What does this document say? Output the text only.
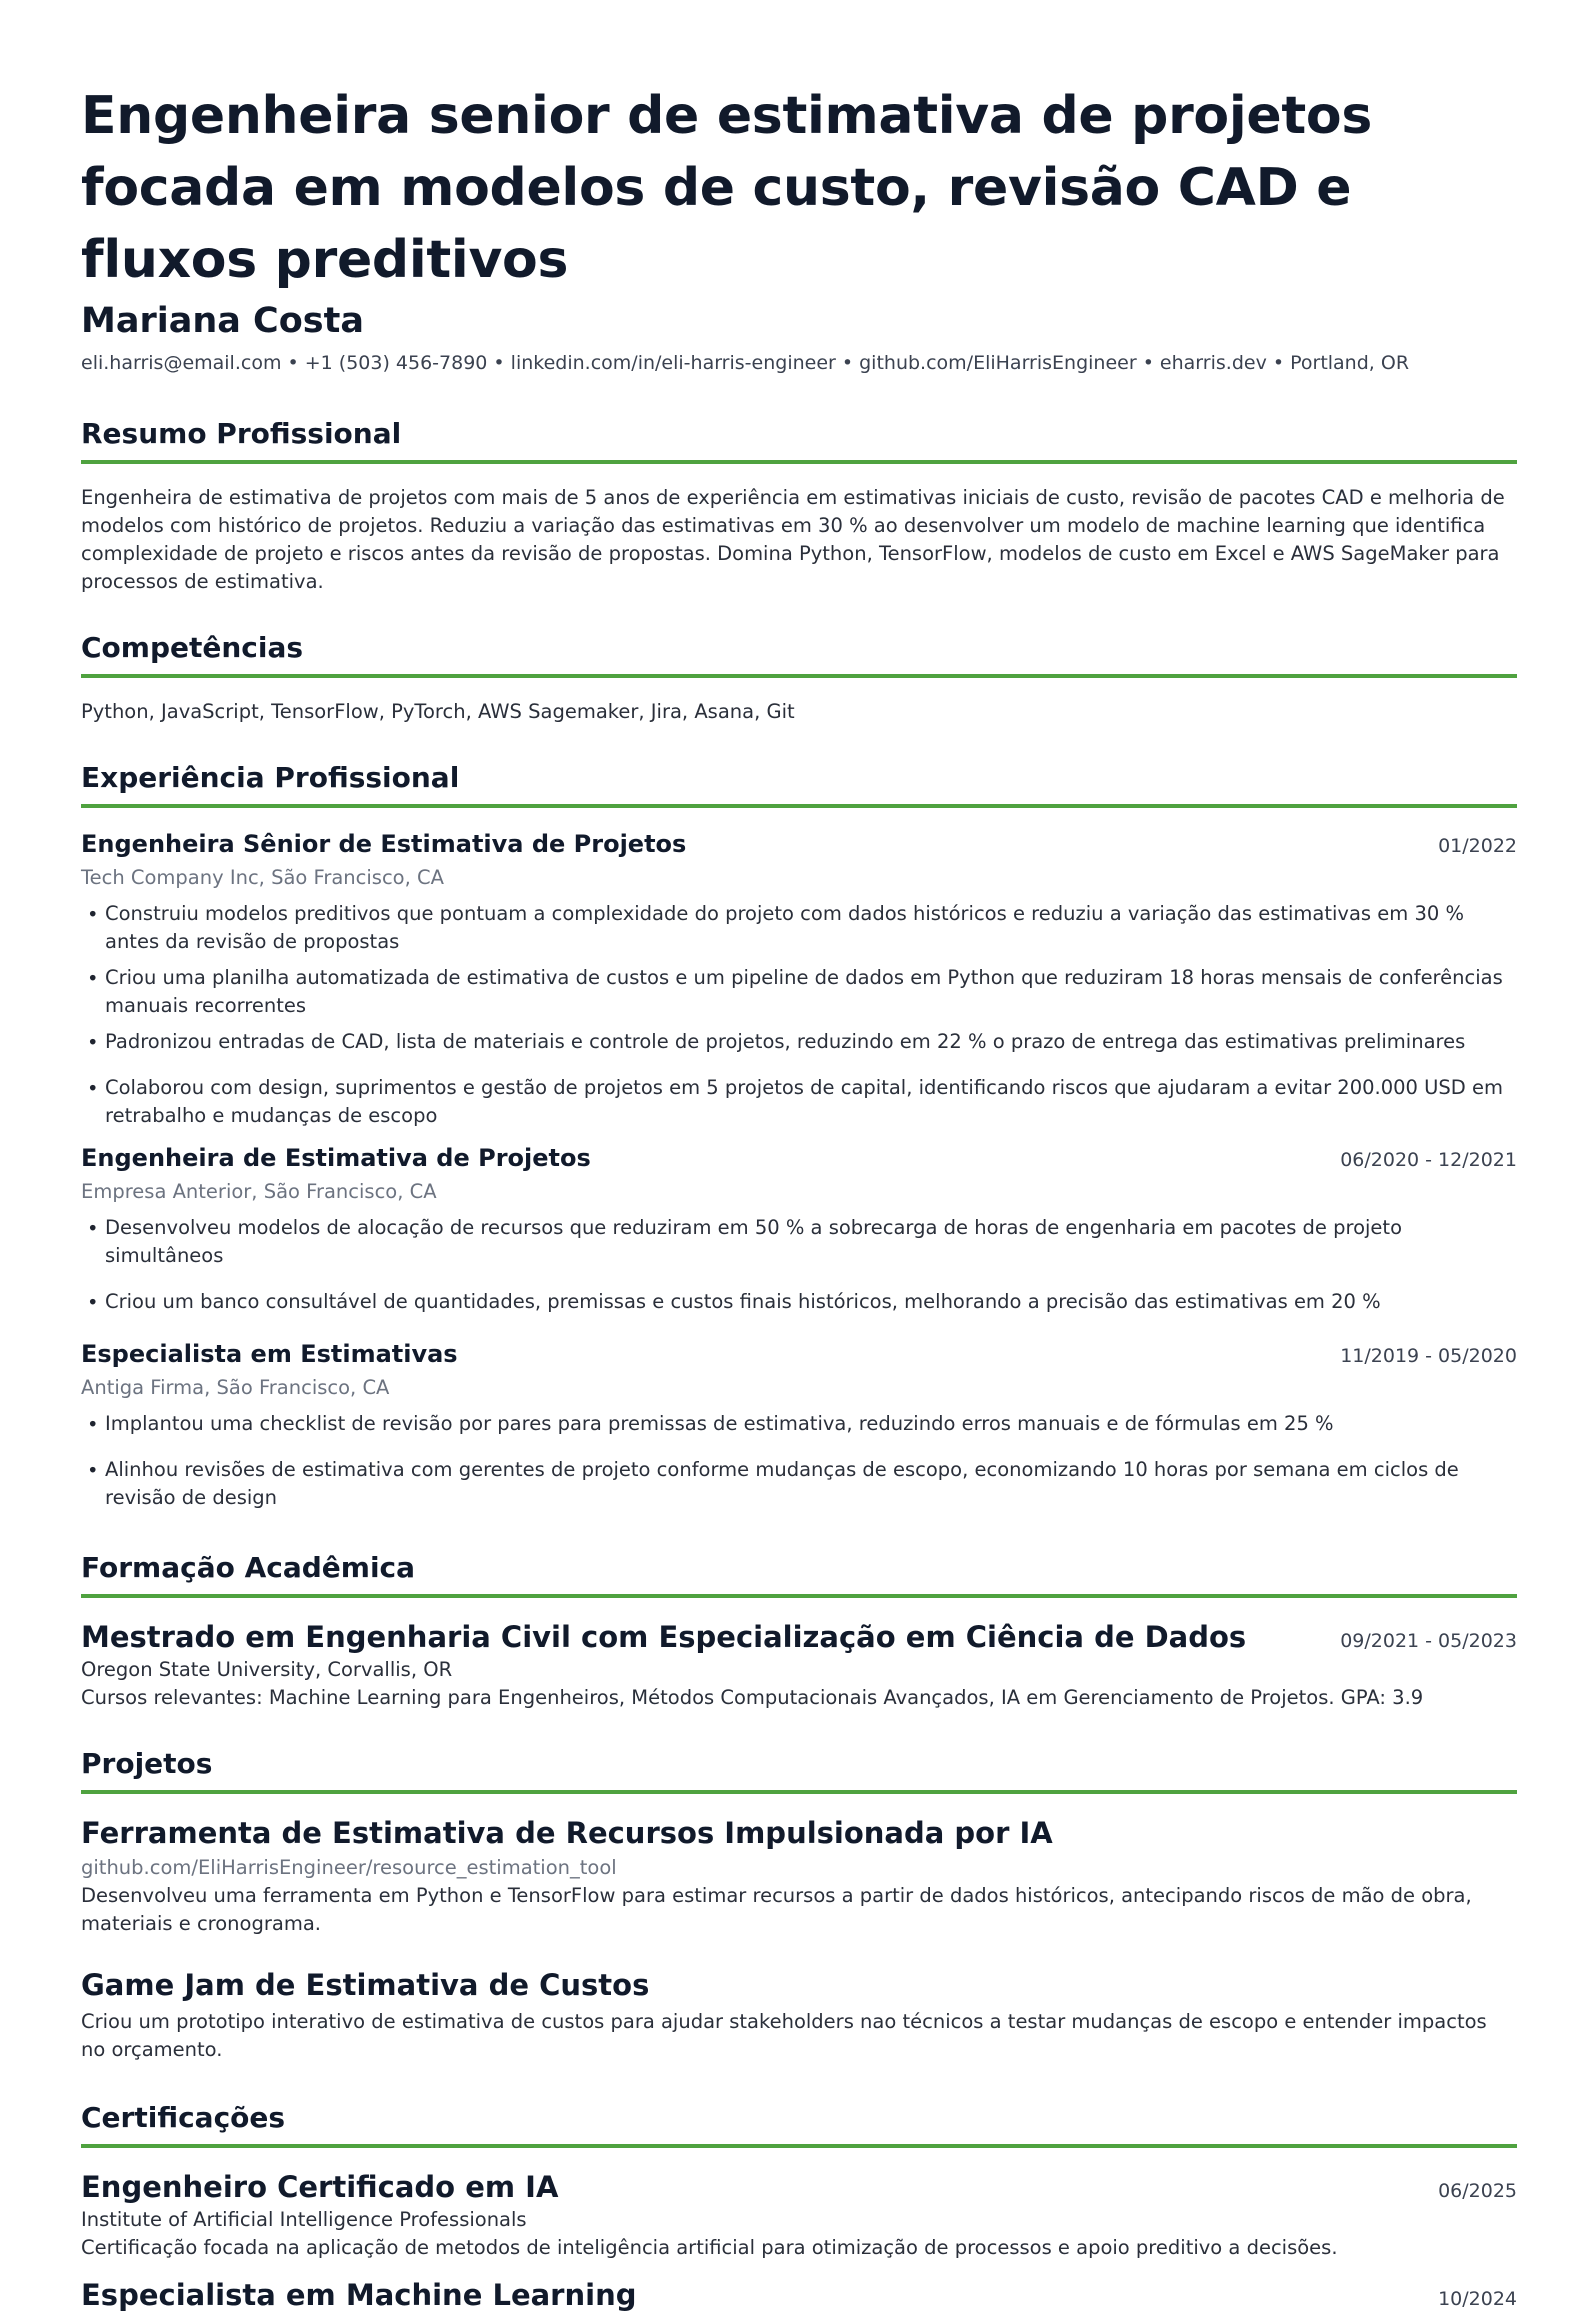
Engenheira senior de estimativa de projetos focada em modelos de custo, revisão CAD e fluxos preditivos
Mariana Costa
eli.harris@email.com • +1 (503) 456-7890 • linkedin.com/in/eli-harris-engineer • github.com/EliHarrisEngineer • eharris.dev • Portland, OR
Resumo Profissional
Engenheira de estimativa de projetos com mais de 5 anos de experiência em estimativas iniciais de custo, revisão de pacotes CAD e melhoria de modelos com histórico de projetos. Reduziu a variação das estimativas em 30 % ao desenvolver um modelo de machine learning que identifica complexidade de projeto e riscos antes da revisão de propostas. Domina Python, TensorFlow, modelos de custo em Excel e AWS SageMaker para processos de estimativa.
Competências
Python, JavaScript, TensorFlow, PyTorch, AWS Sagemaker, Jira, Asana, Git
Experiência Profissional
Engenheira Sênior de Estimativa de Projetos	01/2022
Tech Company Inc, São Francisco, CA
• Construiu modelos preditivos que pontuam a complexidade do projeto com dados históricos e reduziu a variação das estimativas em 30 % antes da revisão de propostas
• Criou uma planilha automatizada de estimativa de custos e um pipeline de dados em Python que reduziram 18 horas mensais de conferências manuais recorrentes
• Padronizou entradas de CAD, lista de materiais e controle de projetos, reduzindo em 22 % o prazo de entrega das estimativas preliminares
• Colaborou com design, suprimentos e gestão de projetos em 5 projetos de capital, identificando riscos que ajudaram a evitar 200.000 USD em retrabalho e mudanças de escopo
Engenheira de Estimativa de Projetos	06/2020 - 12/2021
Empresa Anterior, São Francisco, CA
• Desenvolveu modelos de alocação de recursos que reduziram em 50 % a sobrecarga de horas de engenharia em pacotes de projeto simultâneos
• Criou um banco consultável de quantidades, premissas e custos finais históricos, melhorando a precisão das estimativas em 20 %
Especialista em Estimativas	11/2019 - 05/2020
Antiga Firma, São Francisco, CA
• Implantou uma checklist de revisão por pares para premissas de estimativa, reduzindo erros manuais e de fórmulas em 25 %
• Alinhou revisões de estimativa com gerentes de projeto conforme mudanças de escopo, economizando 10 horas por semana em ciclos de revisão de design
Formação Acadêmica
Mestrado em Engenharia Civil com Especialização em Ciência de Dados	09/2021 - 05/2023
Oregon State University, Corvallis, OR
Cursos relevantes: Machine Learning para Engenheiros, Métodos Computacionais Avançados, IA em Gerenciamento de Projetos. GPA: 3.9
Projetos
Ferramenta de Estimativa de Recursos Impulsionada por IA
github.com/EliHarrisEngineer/resource_estimation_tool
Desenvolveu uma ferramenta em Python e TensorFlow para estimar recursos a partir de dados históricos, antecipando riscos de mão de obra, materiais e cronograma.
Game Jam de Estimativa de Custos
Criou um prototipo interativo de estimativa de custos para ajudar stakeholders nao técnicos a testar mudanças de escopo e entender impactos no orçamento.
Certificações
Engenheiro Certificado em IA	06/2025
Institute of Artificial Intelligence Professionals
Certificação focada na aplicação de metodos de inteligência artificial para otimização de processos e apoio preditivo a decisões.
Especialista em Machine Learning	10/2024
